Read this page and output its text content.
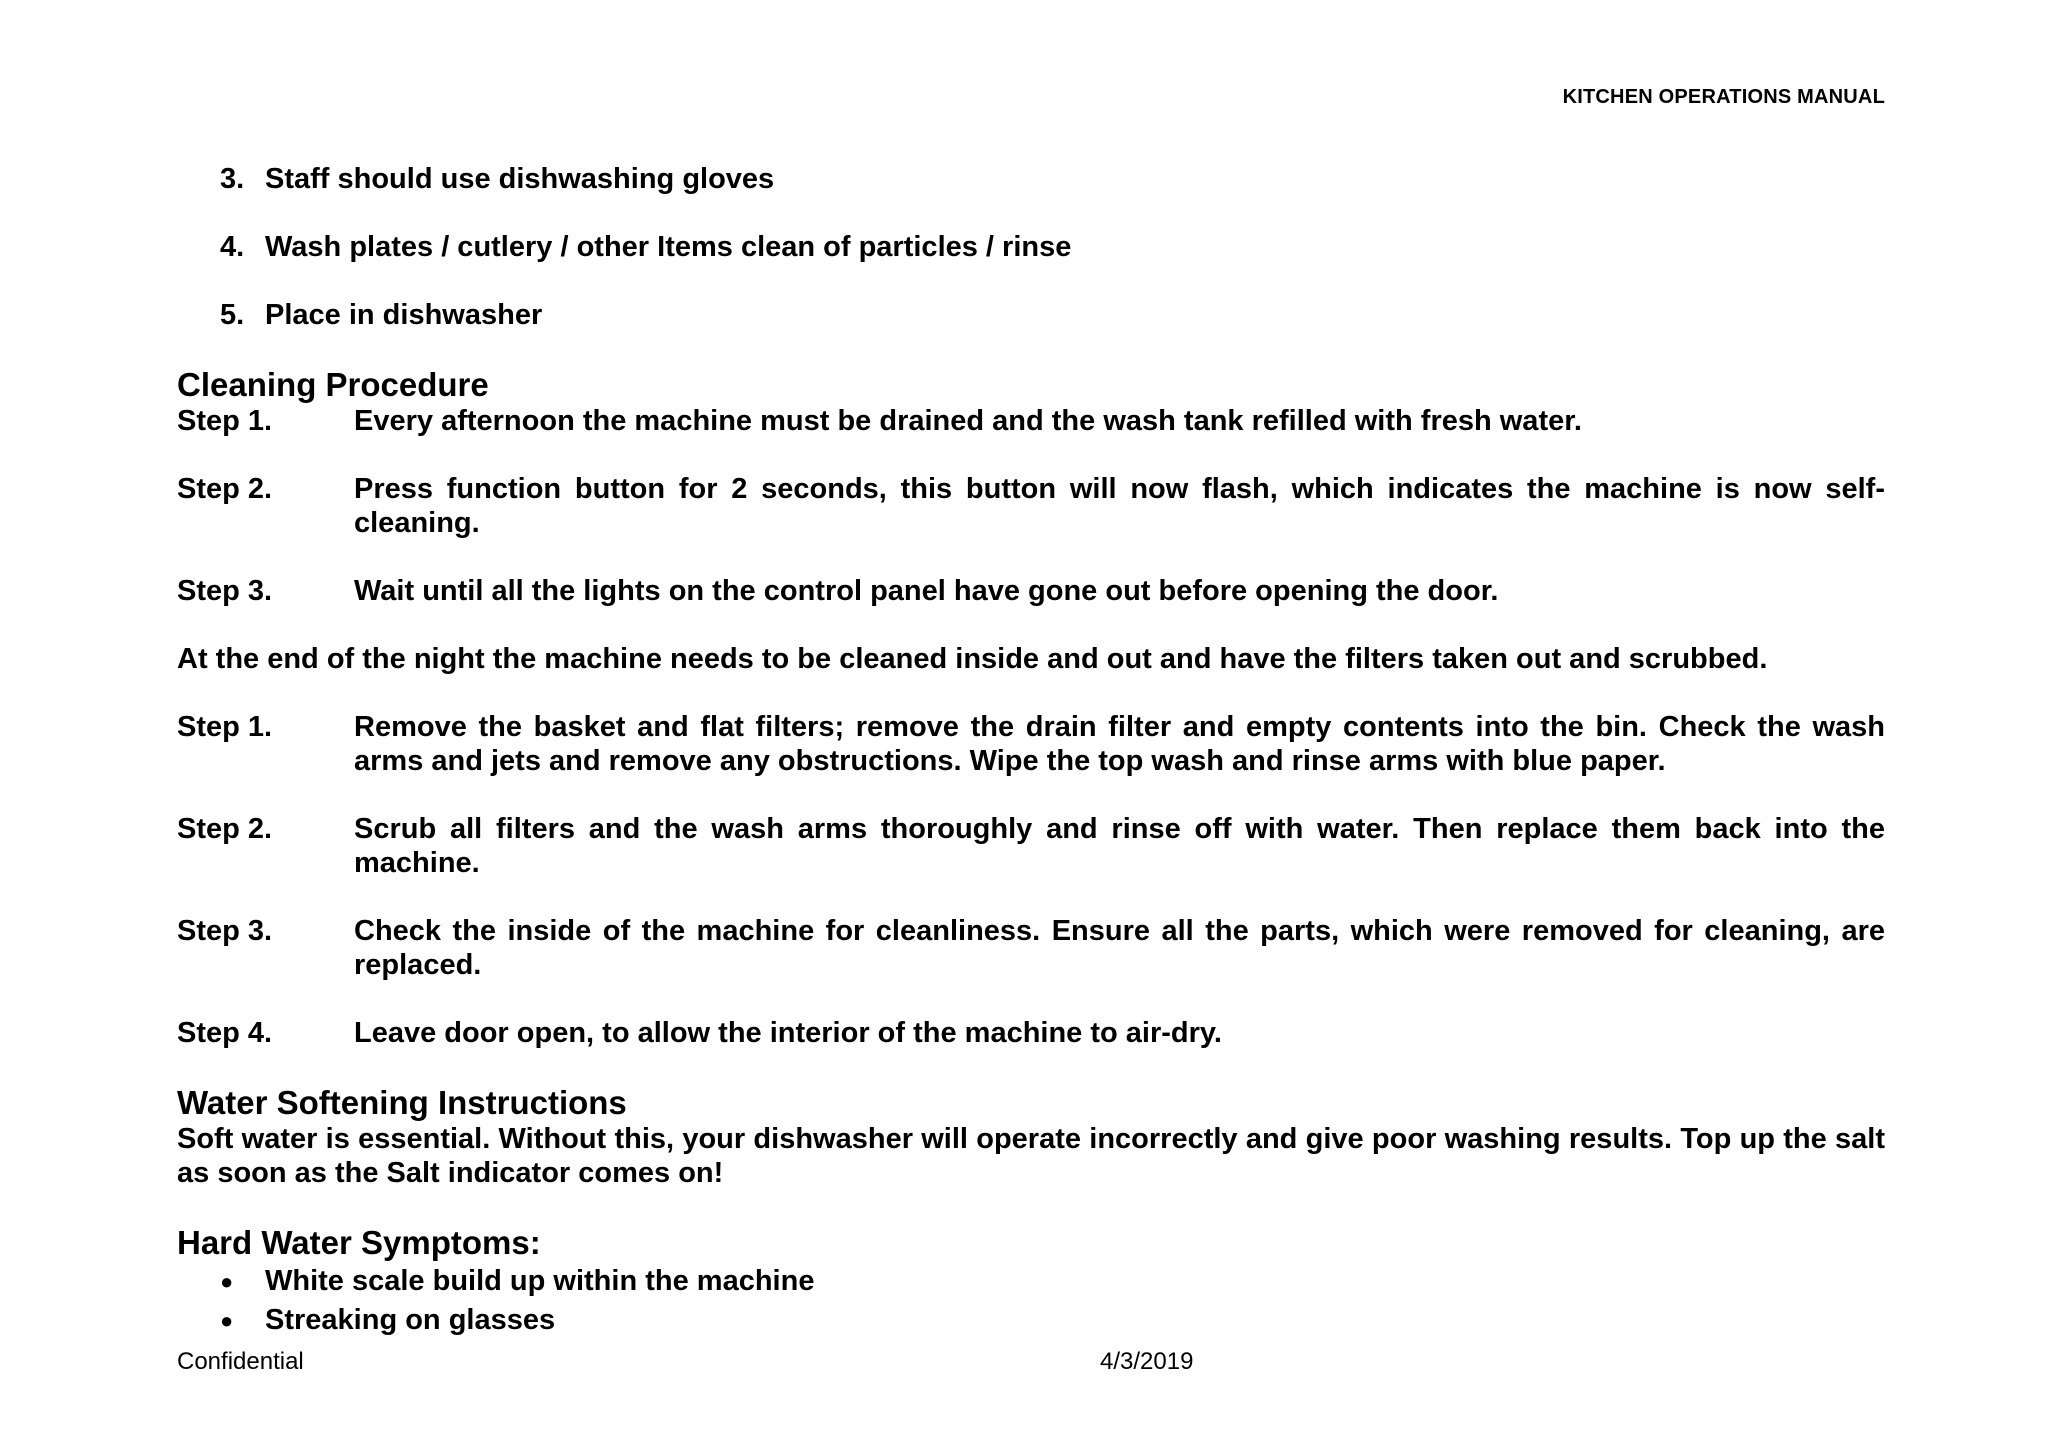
KITCHEN OPERATIONS MANUAL
3. Staff should use dishwashing gloves
4. Wash plates / cutlery / other Items clean of particles / rinse
5. Place in dishwasher
Cleaning Procedure
Step 1.	Every afternoon the machine must be drained and the wash tank refilled with fresh water.
Step 2.	Press function button for 2 seconds, this button will now flash, which indicates the machine is now self-cleaning.
Step 3.	Wait until all the lights on the control panel have gone out before opening the door.

At the end of the night the machine needs to be cleaned inside and out and have the filters taken out and scrubbed.

Step 1.	Remove the basket and flat filters; remove the drain filter and empty contents into the bin. Check the wash arms and jets and remove any obstructions. Wipe the top wash and rinse arms with blue paper.
Step 2.	Scrub all filters and the wash arms thoroughly and rinse off with water. Then replace them back into the machine.
Step 3.	Check the inside of the machine for cleanliness. Ensure all the parts, which were removed for cleaning, are replaced.
Step 4.	Leave door open, to allow the interior of the machine to air-dry.
Water Softening Instructions

Soft water is essential. Without this, your dishwasher will operate incorrectly and give poor washing results. Top up the salt as soon as the Salt indicator comes on!

Hard Water Symptoms:
●	White scale build up within the machine
●	Streaking on glasses
Confidential	4/3/2019
